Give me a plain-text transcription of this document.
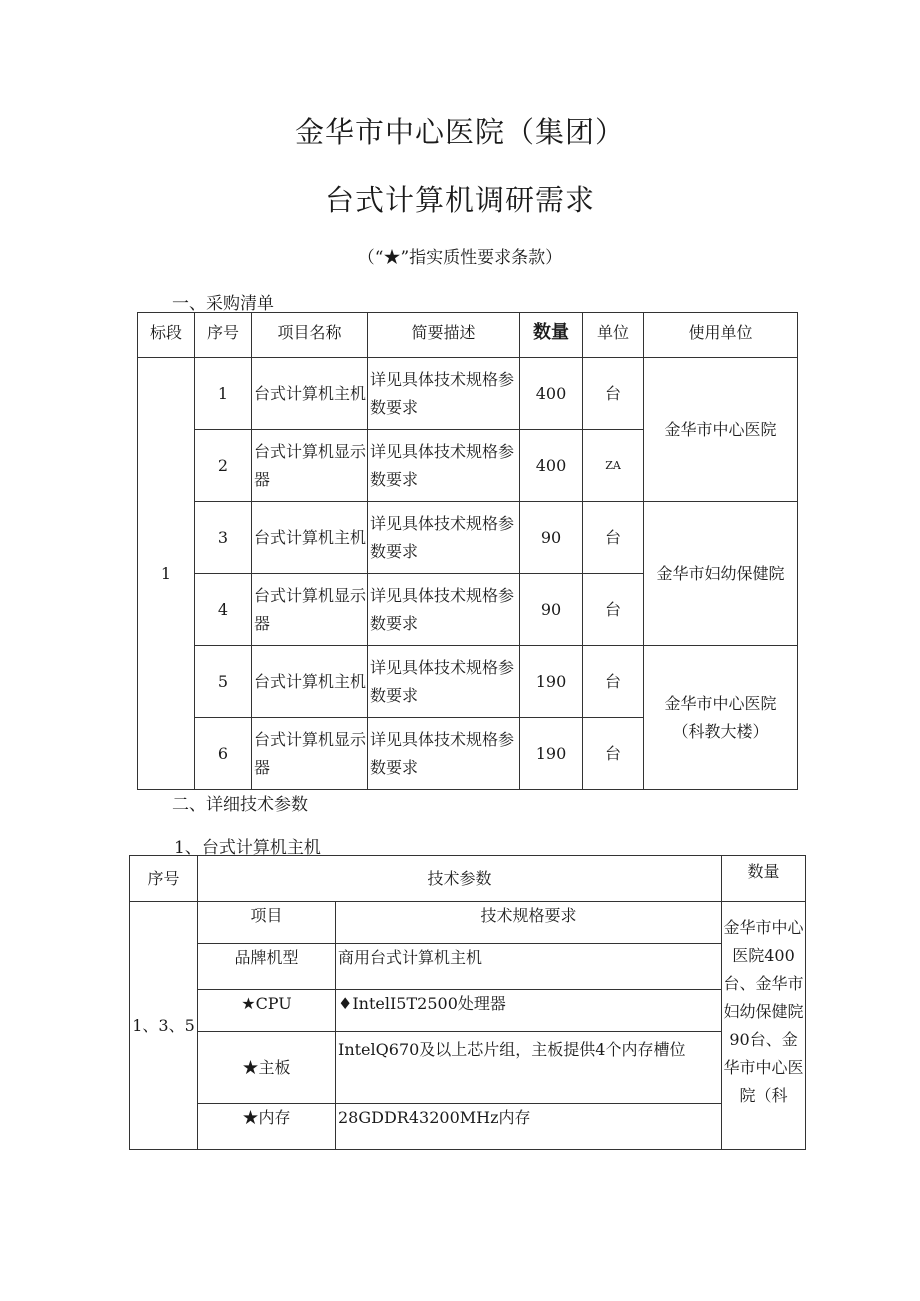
金华市中心医院（集团）
台式计算机调研需求
（“★”指实质性要求条款）
一、采购清单
标段	序号	项目名称	简要描述	数量	单位	使用单位
1	1	台式计算机主机	详见具体技术规格参数要求	400	台	金华市中心医院
	2	台式计算机显示器	详见具体技术规格参数要求	400	ZA	
	3	台式计算机主机	详见具体技术规格参数要求	90	台	金华市妇幼保健院
	4	台式计算机显示器	详见具体技术规格参数要求	90	台	
	5	台式计算机主机	详见具体技术规格参数要求	190	台	金华市中心医院（科教大楼）
	6	台式计算机显示器	详见具体技术规格参数要求	190	台	
二、详细技术参数
1、台式计算机主机
序号	技术参数		数量
1、3、5	项目	技术规格要求	金华市中心医院400台、金华市妇幼保健院90台、金华市中心医院（科
	品牌机型	商用台式计算机主机	
	★CPU	♦IntelI5T2500处理器	
	★主板	IntelQ670及以上芯片组，主板提供4个内存槽位	
	★内存	28GDDR43200MHz内存	
